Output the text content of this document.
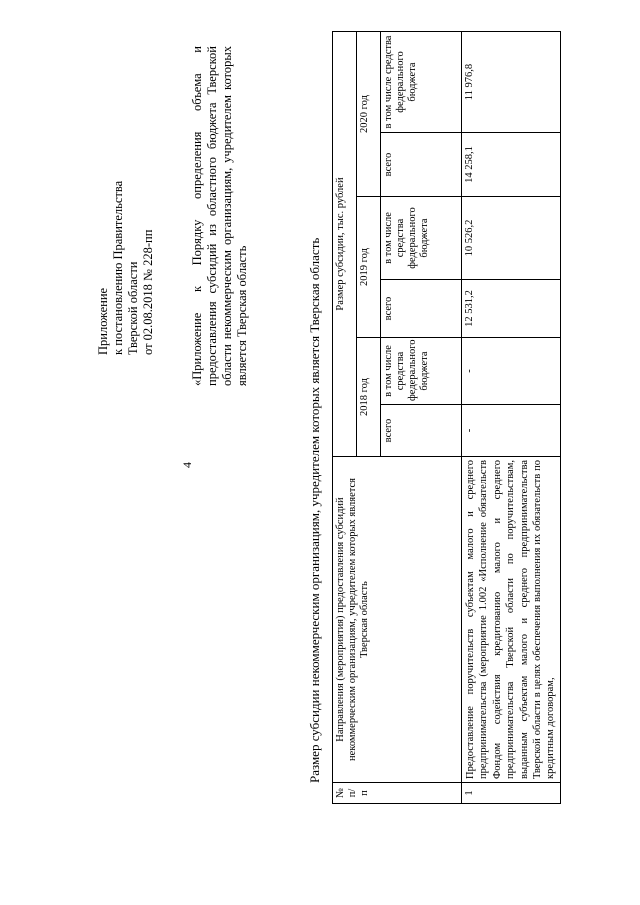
4
Приложение к постановлению Правительства Тверской области от 02.08.2018 № 228-пп	«Приложение к Порядку определения объема и предоставления субсидий из областного бюджета Тверской области некоммерческим организациям, учредителем которых является Тверская область	Размер субсидии некоммерческим организациям, учредителем которых является Тверская область
№ п/п	Направления (мероприятия) предоставления субсидий некоммерческим организациям, учредителем которых является Тверская область	Размер субсидии, тыс. рублей					
		2018 год		2019 год		2020 год	
		всего	в том числе средства федерального бюджета	всего	в том числе средства федерального бюджета	всего	в том числе средства федерального бюджета
1	Предоставление поручительств субъектам малого и среднего предпринимательства (мероприятие 1.002 «Исполнение обязательств Фондом содействия кредитованию малого и среднего предпринимательства Тверской области по поручительствам, выданным субъектам малого и среднего предпринимательства Тверской области в целях обеспечения выполнения их обязательств по кредитным договорам,	-	-	12 531,2	10 526,2	14 258,1	11 976,8
